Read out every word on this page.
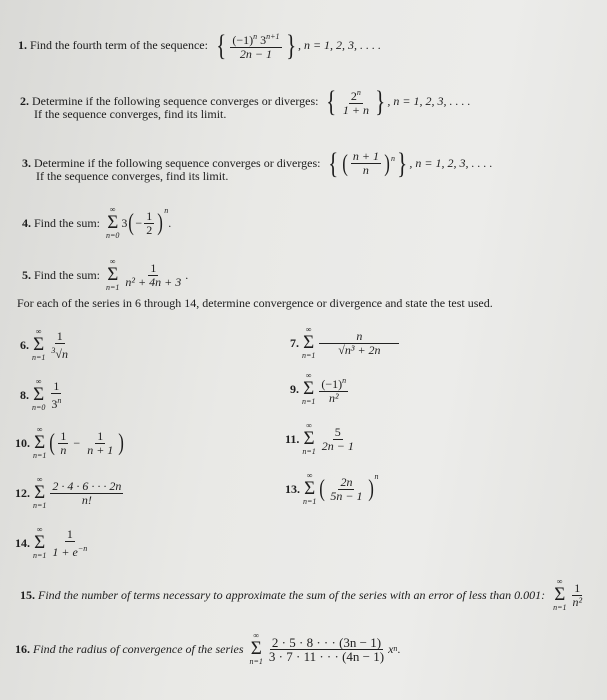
1. Find the fourth term of the sequence: { $\frac{(-1)^n 3^{n+1}}{2n - 1}$ } , n = 1, 2, 3, . . . .
2. Determine if the following sequence converges or diverges: { $\frac{2^n}{1 + n}$ } , n = 1, 2, 3, . . . .
If the sequence converges, find its limit.
3. Determine if the following sequence converges or diverges: { ( $\frac{n + 1}{n} )^n$ } , n = 1, 2, 3, . . . .
If the sequence converges, find its limit.
4. Find the sum:
∞
Σ
n=0
3 ( − $\frac{1}{2} )^n$
.
5. Find the sum:
∞
Σ
$n=1 \frac{1}{\text{n² + 4n + 3}}$ .
For each of the series in 6 through 14, determine convergence or divergence and state the test used.
6.
∞
Σ
$n=1 \frac{1}{^3√n}$	7.
∞
Σ
$n=1 \frac{n}{\text{√n³ + 2n}}$
8.
∞
Σ
$n=0 \frac{1}{3^n}$	9.
∞
Σ
$n=1 \frac{(-1)^n}{\text{n²}}$
10.
∞
Σ
n=1 ( $\frac{1}{n} - \frac{1}{n + 1}$ )	11.
∞
Σ
$n=1 \frac{5}{2n - 1}$
12.
∞
Σ
$n=1 \frac{2 \cdot 4 \cdot 6 \cdot \cdot \cdot 2n}{n!}$	13.
∞
Σ
n=1 ( $\frac{2n}{5n - 1} )^n$
14.
∞
Σ
$n=1 \frac{1}{1 + e^{-n}}$
15. Find the number of terms necessary to approximate the sum of the series with an error of less than 0.001:
∞
Σ
$n=1 \frac{1}{\text{n²}}$
16. Find the radius of convergence of the series
∞
Σ
$n=1 \frac{2 \cdot 5 \cdot 8 \cdot \cdot \cdot (3n - 1)}{3 \cdot 7 \cdot 11 \cdot \cdot \cdot (4n - 1)}$ x n .
